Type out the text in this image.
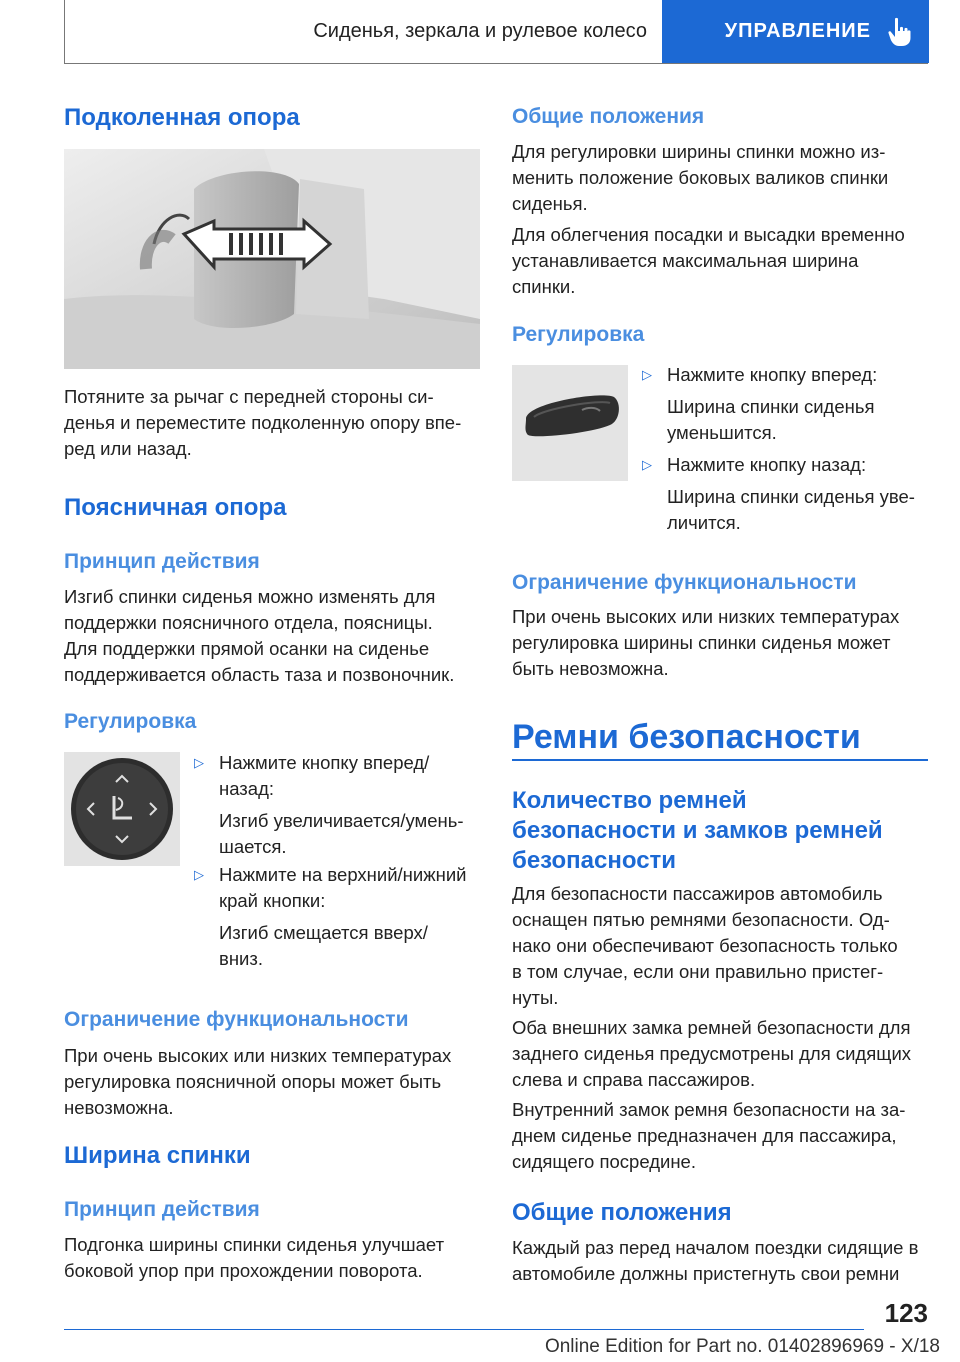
Сиденья, зеркала и рулевое колесо	УПРАВЛЕНИЕ
Подколенная опора

Потяните за рычаг с передней стороны си-
денья и переместите подколенную опору впе-
ред или назад.

Поясничная опора
Принцип действия

Изгиб спинки сиденья можно изменять для
поддержки поясничного отдела, поясницы.
Для поддержки прямой осанки на сиденье
поддерживается область таза и позвоночник.

Регулировка
▷ Нажмите кнопку вперед/
назад:
Изгиб увеличивается/умень-
шается.
▷ Нажмите на верхний/нижний
край кнопки:
Изгиб смещается вверх/
вниз.
Ограничение функциональности

При очень высоких или низких температурах
регулировка поясничной опоры может быть
невозможна.

Ширина спинки
Принцип действия

Подгонка ширины спинки сиденья улучшает
боковой упор при прохождении поворота.

Общие положения

Для регулировки ширины спинки можно из-
менить положение боковых валиков спинки
сиденья.

Для облегчения посадки и высадки временно
устанавливается максимальная ширина
спинки.

Регулировка
▷ Нажмите кнопку вперед:
Ширина спинки сиденья
уменьшится.
▷ Нажмите кнопку назад:
Ширина спинки сиденья уве-
личится.
Ограничение функциональности

При очень высоких или низких температурах
регулировка ширины спинки сиденья может
быть невозможна.

Ремни безопасности
Количество ремней
безопасности и замков ремней
безопасности

Для безопасности пассажиров автомобиль
оснащен пятью ремнями безопасности. Од-
нако они обеспечивают безопасность только
в том случае, если они правильно пристег-
нуты.

Оба внешних замка ремней безопасности для
заднего сиденья предусмотрены для сидящих
слева и справа пассажиров.

Внутренний замок ремня безопасности на за-
днем сиденье предназначен для пассажира,
сидящего посредине.

Общие положения

Каждый раз перед началом поездки сидящие в
автомобиле должны пристегнуть свои ремни

123
Online Edition for Part no. 01402896969 - X/18
